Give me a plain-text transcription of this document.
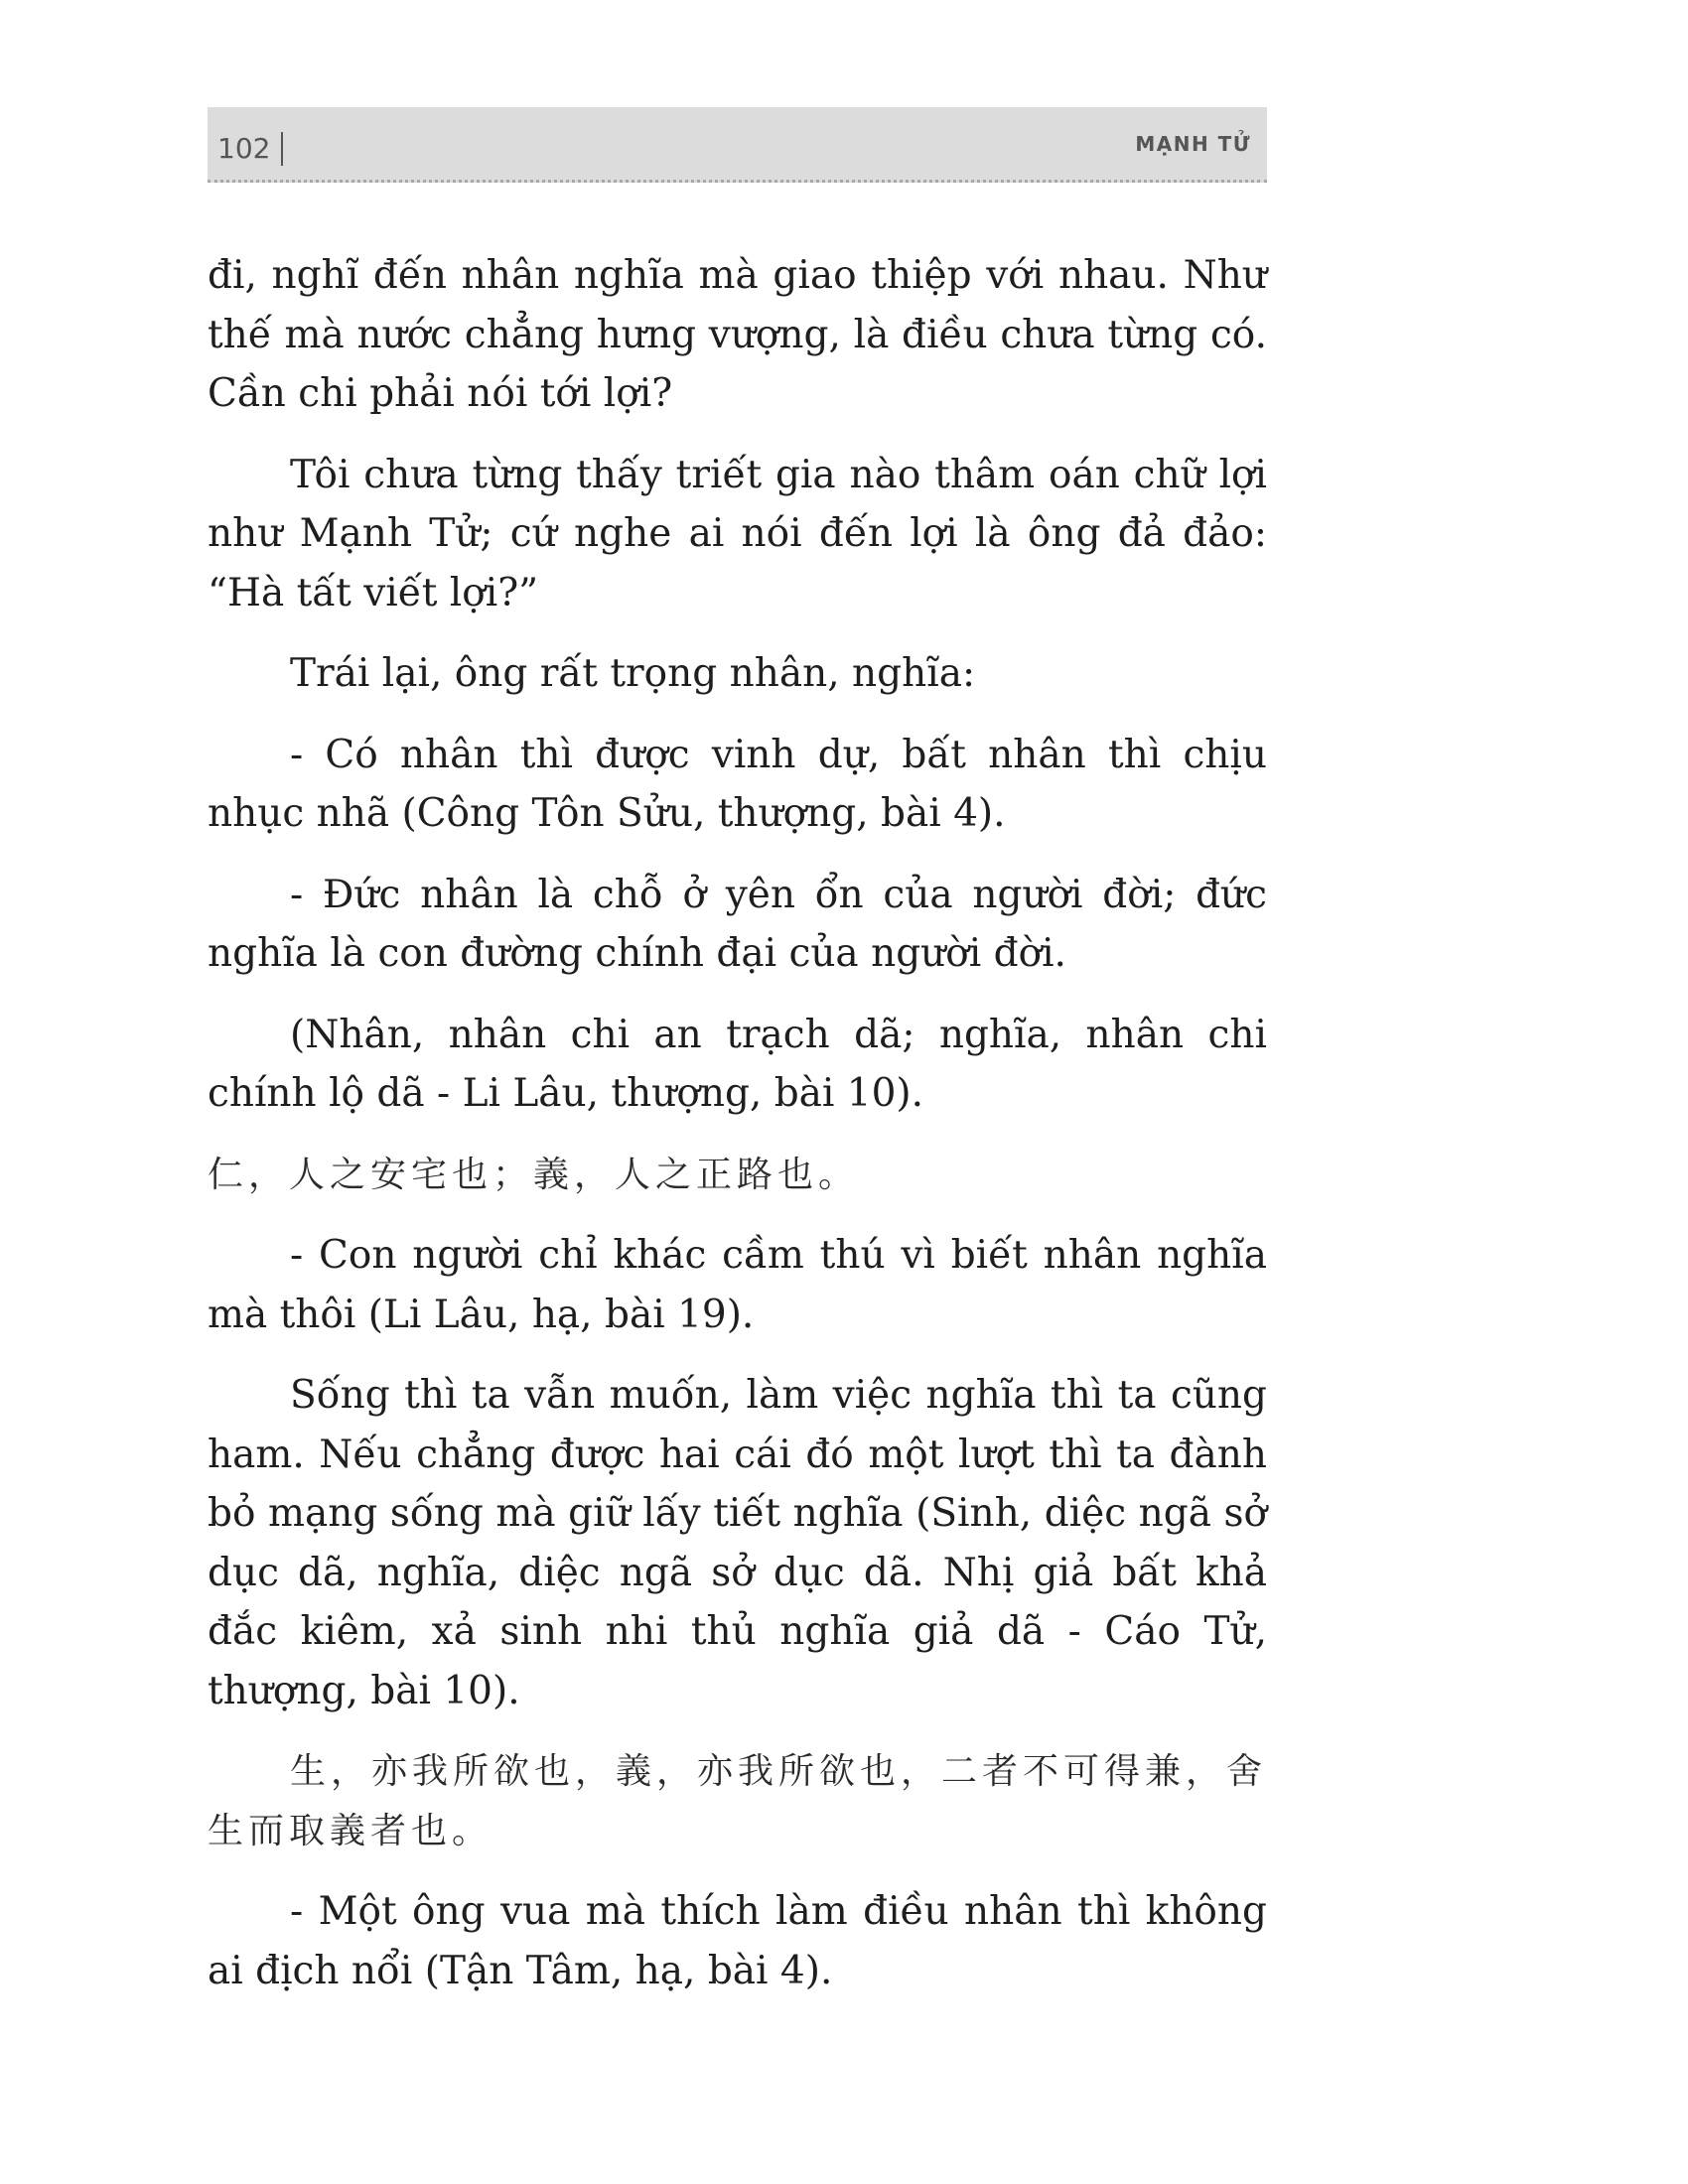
102	MẠNH TỬ

đi, nghĩ đến nhân nghĩa mà giao thiệp với nhau. Như thế mà nước chẳng hưng vượng, là điều chưa từng có. Cần chi phải nói tới lợi?

Tôi chưa từng thấy triết gia nào thâm oán chữ lợi như Mạnh Tử; cứ nghe ai nói đến lợi là ông đả đảo: “Hà tất viết lợi?”

Trái lại, ông rất trọng nhân, nghĩa:

- Có nhân thì được vinh dự, bất nhân thì chịu nhục nhã (Công Tôn Sửu, thượng, bài 4).

- Đức nhân là chỗ ở yên ổn của người đời; đức nghĩa là con đường chính đại của người đời.

(Nhân, nhân chi an trạch dã; nghĩa, nhân chi chính lộ dã - Li Lâu, thượng, bài 10).

仁，人之安宅也；義，人之正路也。

- Con người chỉ khác cầm thú vì biết nhân nghĩa mà thôi (Li Lâu, hạ, bài 19).

Sống thì ta vẫn muốn, làm việc nghĩa thì ta cũng ham. Nếu chẳng được hai cái đó một lượt thì ta đành bỏ mạng sống mà giữ lấy tiết nghĩa (Sinh, diệc ngã sở dục dã, nghĩa, diệc ngã sở dục dã. Nhị giả bất khả đắc kiêm, xả sinh nhi thủ nghĩa giả dã - Cáo Tử, thượng, bài 10).

生，亦我所欲也，義，亦我所欲也，二者不可得兼，舍生而取義者也。

- Một ông vua mà thích làm điều nhân thì không ai địch nổi (Tận Tâm, hạ, bài 4).
